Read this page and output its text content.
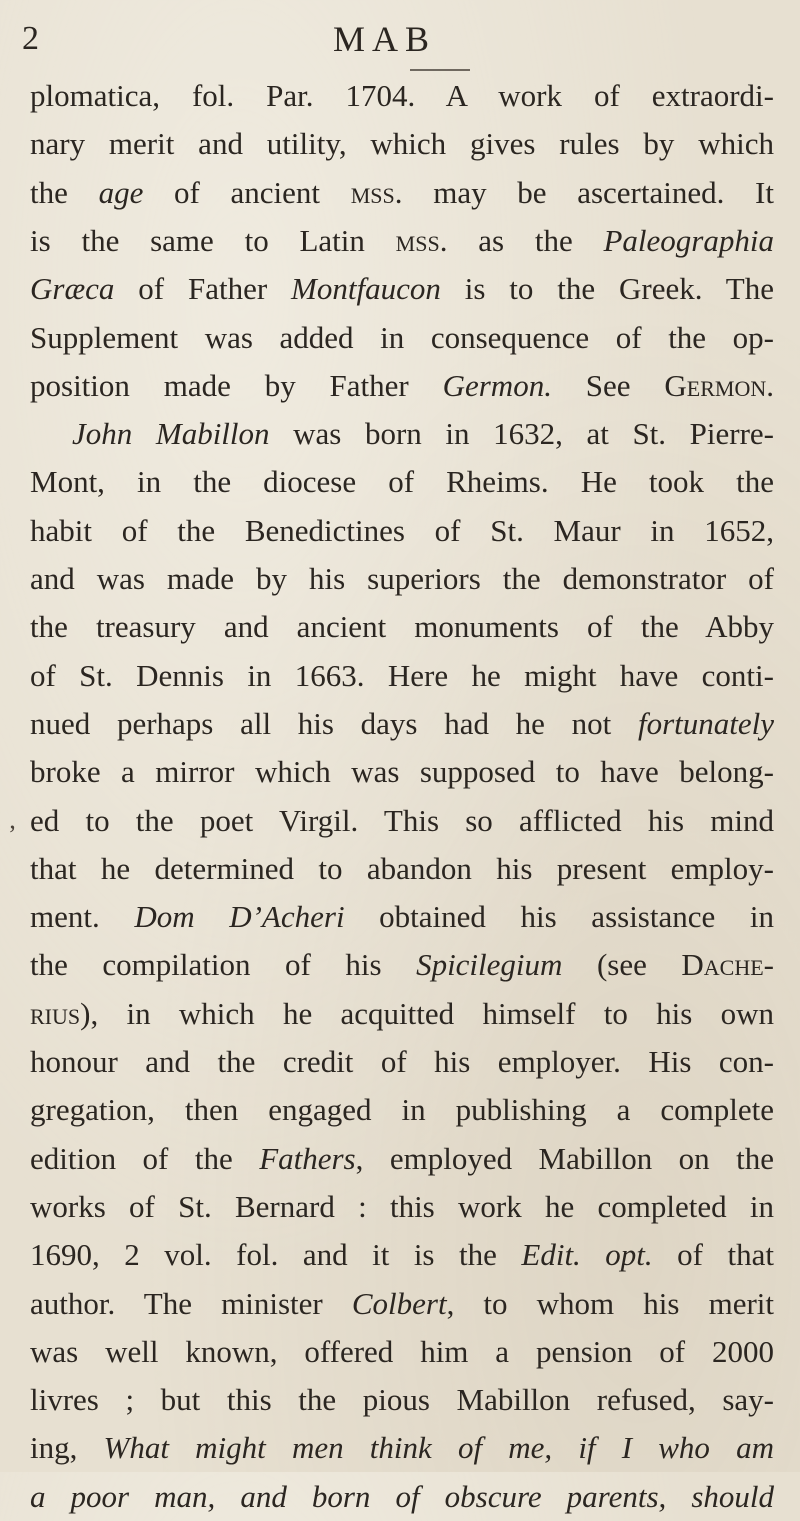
2	MAB
’
plomatica, fol. Par. 1704. A work of extraordi-
nary merit and utility, which gives rules by which
the age of ancient mss. may be ascertained. It
is the same to Latin mss. as the Paleographia
Græca of Father Montfaucon is to the Greek. The
Supplement was added in consequence of the op-
position made by Father Germon. See Germon.
John Mabillon was born in 1632, at St. Pierre-
Mont, in the diocese of Rheims. He took the
habit of the Benedictines of St. Maur in 1652,
and was made by his superiors the demonstrator of
the treasury and ancient monuments of the Abby
of St. Dennis in 1663. Here he might have conti-
nued perhaps all his days had he not fortunately
broke a mirror which was supposed to have belong-
ed to the poet Virgil. This so afflicted his mind
that he determined to abandon his present employ-
ment. Dom D’Acheri obtained his assistance in
the compilation of his Spicilegium (see Dache-
rius), in which he acquitted himself to his own
honour and the credit of his employer. His con-
gregation, then engaged in publishing a complete
edition of the Fathers, employed Mabillon on the
works of St. Bernard : this work he completed in
1690, 2 vol. fol. and it is the Edit. opt. of that
author. The minister Colbert, to whom his merit
was well known, offered him a pension of 2000
livres ; but this the pious Mabillon refused, say-
ing, What might men think of me, if I who am
a poor man, and born of obscure parents, should
